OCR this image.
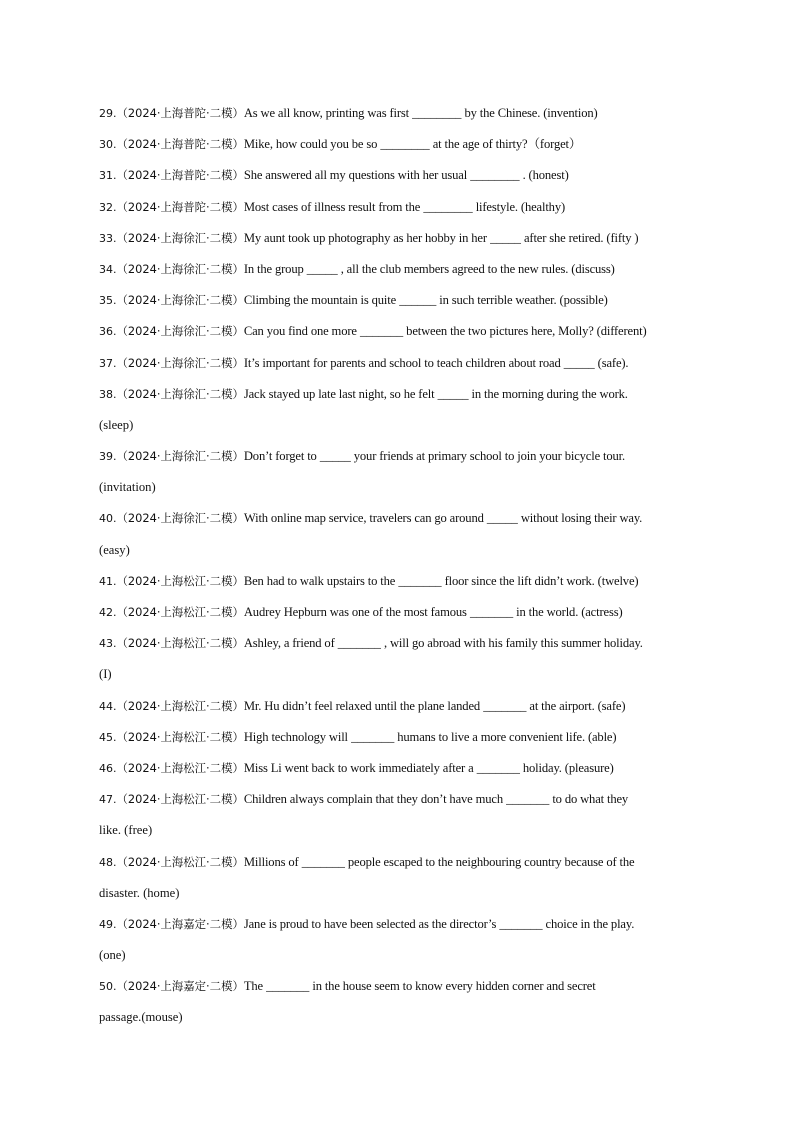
29.（2024·上海普陀·二模）As we all know, printing was first ________ by the Chinese. (invention)
30.（2024·上海普陀·二模）Mike, how could you be so ________ at the age of thirty?（forget）
31.（2024·上海普陀·二模）She answered all my questions with her usual ________ . (honest)
32.（2024·上海普陀·二模）Most cases of illness result from the ________ lifestyle. (healthy)
33.（2024·上海徐汇·二模）My aunt took up photography as her hobby in her _____ after she retired. (fifty )
34.（2024·上海徐汇·二模）In the group _____ , all the club members agreed to the new rules. (discuss)
35.（2024·上海徐汇·二模）Climbing the mountain is quite ______ in such terrible weather. (possible)
36.（2024·上海徐汇·二模）Can you find one more _______ between the two pictures here, Molly? (different)
37.（2024·上海徐汇·二模）It’s important for parents and school to teach children about road _____ (safe).
38.（2024·上海徐汇·二模）Jack stayed up late last night, so he felt _____ in the morning during the work.
(sleep)
39.（2024·上海徐汇·二模）Don’t forget to _____ your friends at primary school to join your bicycle tour.
(invitation)
40.（2024·上海徐汇·二模）With online map service, travelers can go around _____ without losing their way.
(easy)
41.（2024·上海松江·二模）Ben had to walk upstairs to the _______ floor since the lift didn’t work. (twelve)
42.（2024·上海松江·二模）Audrey Hepburn was one of the most famous _______ in the world. (actress)
43.（2024·上海松江·二模）Ashley, a friend of _______ , will go abroad with his family this summer holiday.
(I)
44.（2024·上海松江·二模）Mr. Hu didn’t feel relaxed until the plane landed _______ at the airport. (safe)
45.（2024·上海松江·二模）High technology will _______ humans to live a more convenient life. (able)
46.（2024·上海松江·二模）Miss Li went back to work immediately after a _______ holiday. (pleasure)
47.（2024·上海松江·二模）Children always complain that they don’t have much _______ to do what they
like. (free)
48.（2024·上海松江·二模）Millions of _______ people escaped to the neighbouring country because of the
disaster. (home)
49.（2024·上海嘉定·二模）Jane is proud to have been selected as the director’s _______ choice in the play.
(one)
50.（2024·上海嘉定·二模）The _______ in the house seem to know every hidden corner and secret
passage.(mouse)
